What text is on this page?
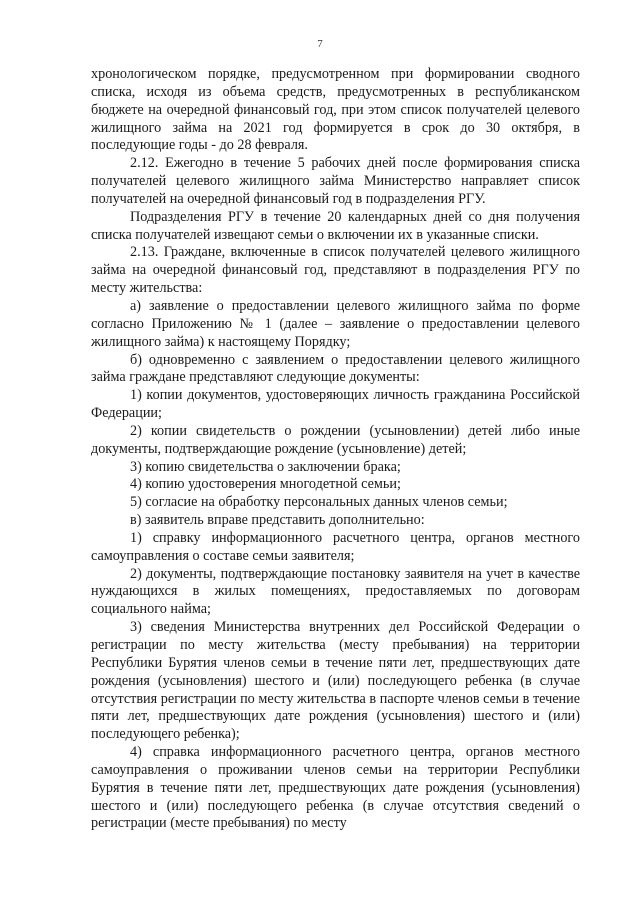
7

хронологическом порядке, предусмотренном при формировании сводного списка, исходя из объема средств, предусмотренных в республиканском бюджете на очередной финансовый год, при этом список получателей целевого жилищного займа на 2021 год формируется в срок до 30 октября, в последующие годы - до 28 февраля.

2.12. Ежегодно в течение 5 рабочих дней после формирования списка получателей целевого жилищного займа Министерство направляет список получателей на очередной финансовый год в подразделения РГУ.

Подразделения РГУ в течение 20 календарных дней со дня получения списка получателей извещают семьи о включении их в указанные списки.

2.13. Граждане, включенные в список получателей целевого жилищного займа на очередной финансовый год, представляют в подразделения РГУ по месту жительства:

а) заявление о предоставлении целевого жилищного займа по форме согласно Приложению № 1 (далее – заявление о предоставлении целевого жилищного займа) к настоящему Порядку;

б) одновременно с заявлением о предоставлении целевого жилищного займа граждане представляют следующие документы:

1) копии документов, удостоверяющих личность гражданина Российской Федерации;

2) копии свидетельств о рождении (усыновлении) детей либо иные документы, подтверждающие рождение (усыновление) детей;

3) копию свидетельства о заключении брака;

4) копию удостоверения многодетной семьи;

5) согласие на обработку персональных данных членов семьи;

в) заявитель вправе представить дополнительно:

1) справку информационного расчетного центра, органов местного самоуправления о составе семьи заявителя;

2) документы, подтверждающие постановку заявителя на учет в качестве нуждающихся в жилых помещениях, предоставляемых по договорам социального найма;

3) сведения Министерства внутренних дел Российской Федерации о регистрации по месту жительства (месту пребывания) на территории Республики Бурятия членов семьи в течение пяти лет, предшествующих дате рождения (усыновления) шестого и (или) последующего ребенка (в случае отсутствия регистрации по месту жительства в паспорте членов семьи в течение пяти лет, предшествующих дате рождения (усыновления) шестого и (или) последующего ребенка);

4) справка информационного расчетного центра, органов местного самоуправления о проживании членов семьи на территории Республики Бурятия в течение пяти лет, предшествующих дате рождения (усыновления) шестого и (или) последующего ребенка (в случае отсутствия сведений о регистрации (месте пребывания) по месту
